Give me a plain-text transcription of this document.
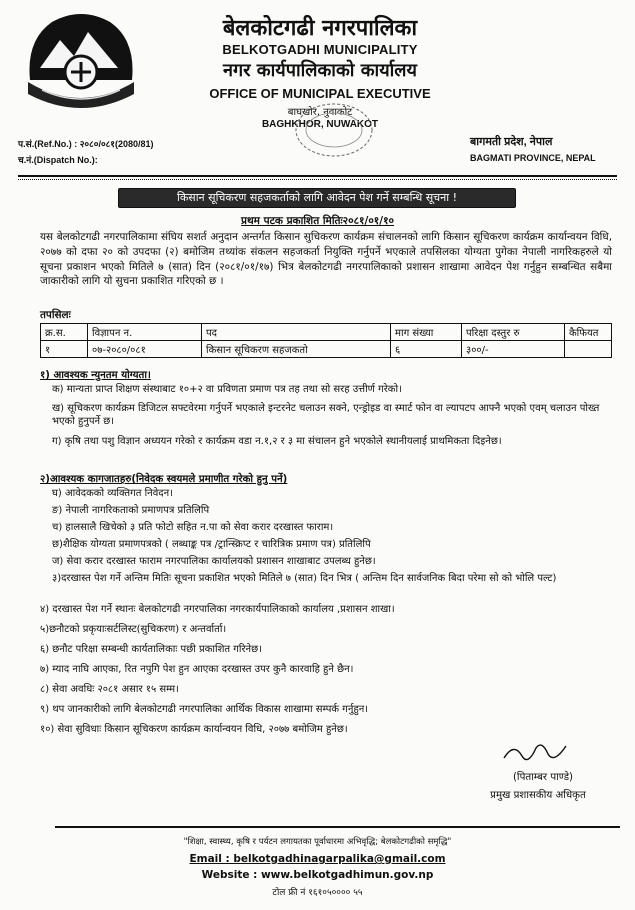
बेलकोटगढी नगरपालिका
BELKOTGADHI MUNICIPALITY
नगर कार्यपालिकाको कार्यालय
OFFICE OF MUNICIPAL EXECUTIVE
बाघखोर, नुवाकोट
BAGHKHOR, NUWAKOT
प.सं.(Ref.No.) : २०८०/०८१(2080/81)
च.नं.(Dispatch No.):
बागमती प्रदेश, नेपाल
BAGMATI PROVINCE, NEPAL
किसान सूचिकरण सहजकर्ताको लागि आवेदन पेश गर्ने सम्बन्धि सूचना !
प्रथम पटक प्रकाशित मितिः२०८१/०१/१०
यस बेलकोटगढी नगरपालिकामा संघिय सशर्त अनुदान अन्तर्गत किसान सुचिकरण कार्यक्रम संचालनको लागि किसान सूचिकरण कार्यक्रम कार्यान्वयन विधि, २०७७ को दफा २० को उपदफा (२) बमोजिम तथ्यांक संकलन सहजकर्ता नियुक्ति गर्नुपर्ने भएकाले तपसिलका योग्यता पुगेका नेपाली नागरिकहरुले यो सूचना प्रकाशन भएको मितिले ७ (सात) दिन (२०८१/०१/१७) भित्र बेलकोटगढी नगरपालिकाको प्रशासन शाखामा आवेदन पेश गर्नुहुन सम्बन्धित सबैमा जाकारीको लागि यो सुचना प्रकाशित गरिएको छ ।
तपसिलः
क्र.स.	विज्ञापन न.	पद	माग संख्या	परिक्षा दस्तुर रु	कैफियत
१	०७-२०८०/०८१	किसान सूचिकरण सहजकतो	६	३००/-	
१) आवश्यक न्युनतम योग्यता।
क) मान्यता प्राप्त शिक्षण संस्थाबाट १०+२ वा प्रविणता प्रमाण पत्र तह तथा सो सरह उत्तीर्ण गरेको।
ख) सूचिकरण कार्यक्रम डिजिटल सफ्टवेरमा गर्नुपर्ने भएकाले इन्टरनेट चलाउन सक्ने, एन्ड्रोइड वा स्मार्ट फोन वा ल्यापटप आफ्नै भएको एवम् चलाउन पोख्त भएको हुनुपर्ने छ।
ग) कृषि तथा पशु विज्ञान अध्ययन गरेको र कार्यक्रम वडा न.१,२ र ३ मा संचालन हुने भएकोले स्थानीयलाई प्राथमिकता दिइनेछ।
२)आवश्यक कागजातहरु(निवेदक स्वयमले प्रमाणीत गरेको हुनु पर्ने)
घ) आवेदकको व्यक्तिगत निवेदन।
ङ) नेपाली नागरिकताको प्रमाणपत्र प्रतिलिपि
च) हालसालै खिचेको ३ प्रति फोटो सहित न.पा को सेवा करार दरखास्त फाराम।
छ)शैक्षिक योग्यता प्रमाणपत्रको ( लब्धाङ्क पत्र /ट्रान्स्क्रिप्ट र चारित्रिक प्रमाण पत्र) प्रतिलिपि
ज) सेवा करार दरखास्त फाराम नगरपालिका कार्यालयको प्रशासन शाखाबाट उपलब्ध हुनेछ।
३)दरखास्त पेश गर्ने अन्तिम मितिः सूचना प्रकाशित भएको मितिले ७ (सात) दिन भित्र ( अन्तिम दिन सार्वजनिक बिदा परेमा सो को भोलि पल्ट)
४) दरखास्त पेश गर्ने स्थानः बेलकोटगढी नगरपालिका नगरकार्यपालिकाको कार्यालय ,प्रशासन शाखा।
५)छनौटको प्रकृयाःसर्टलिस्ट(सुचिकरण) र अन्तर्वार्ता।
६) छनौट परिक्षा सम्बन्धी कार्यतालिकाः पछी प्रकाशित गरिनेछ।
७) म्याद नाघि आएका, रित नपुगि पेश हुन आएका दरखास्त उपर कुनै कारवाहि हुने छैन।
८) सेवा अवधिः २०८१ असार १५ सम्म।
९) थप जानकारीको लागि बेलकोटगढी नगरपालिका आर्थिक विकास शाखामा सम्पर्क गर्नुहुन।
१०) सेवा सुविधाः किसान सूचिकरण कार्यक्रम कार्यान्वयन विधि, २०७७ बमोजिम हुनेछ।
(पिताम्बर पाण्डे)
प्रमुख प्रशासकीय अधिकृत
"शिक्षा, स्वास्थ्य, कृषि र पर्यटन लगायतका पूर्वाधारमा अभिवृद्धि; बेलकोटगढीको समृद्धि"
Email : belkotgadhinagarpalika@gmail.com
Website : www.belkotgadhimun.gov.np
टोल फ्री नं १६१०५०००० ५५
